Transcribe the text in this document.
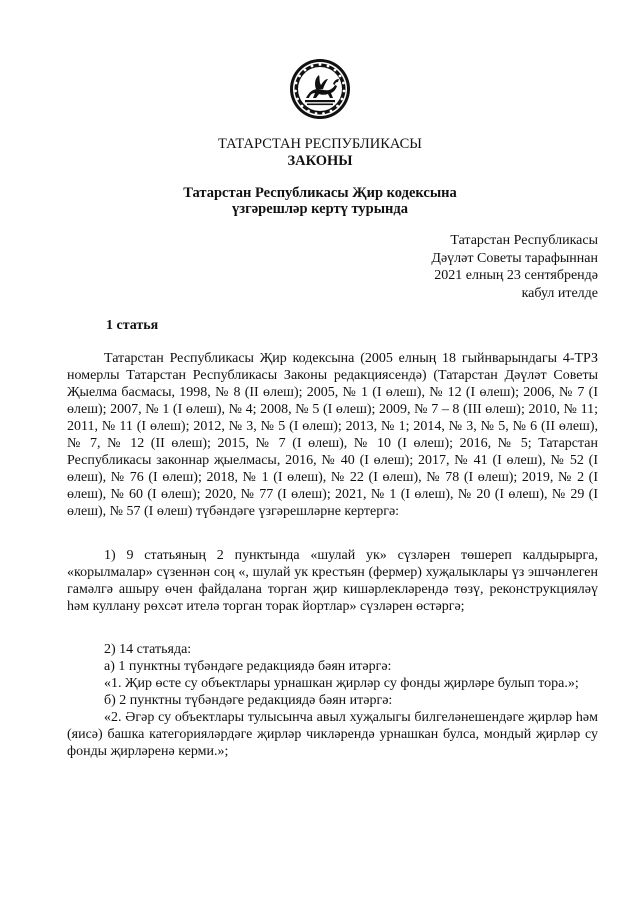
ТАТАРСТАН РЕСПУБЛИКАСЫ
ЗАКОНЫ
Татарстан Республикасы Җир кодексына
үзгәрешләр кертү турында
Татарстан Республикасы
Дәүләт Советы тарафыннан
2021 елның 23 сентябрендә
кабул ителде
1 статья
Татарстан Республикасы Җир кодексына (2005 елның 18 гыйнварындагы 4-ТРЗ номерлы Татарстан Республикасы Законы редакциясендә) (Татарстан Дәүләт Советы Җыелма басмасы, 1998, № 8 (II өлеш); 2005, № 1 (I өлеш), № 12 (I өлеш); 2006, № 7 (I өлеш); 2007, № 1 (I өлеш), № 4; 2008, № 5 (I өлеш); 2009, № 7 – 8 (III өлеш); 2010, № 11; 2011, № 11 (I өлеш); 2012, № 3, № 5 (I өлеш); 2013, № 1; 2014, № 3, № 5, № 6 (II өлеш), № 7, № 12 (II өлеш); 2015, № 7 (I өлеш), № 10 (I өлеш); 2016, № 5; Татарстан Республикасы законнар җыелмасы, 2016, № 40 (I өлеш); 2017, № 41 (I өлеш), № 52 (I өлеш), № 76 (I өлеш); 2018, № 1 (I өлеш), № 22 (I өлеш), № 78 (I өлеш); 2019, № 2 (I өлеш), № 60 (I өлеш); 2020, № 77 (I өлеш); 2021, № 1 (I өлеш), № 20 (I өлеш), № 29 (I өлеш), № 57 (I өлеш) түбәндәге үзгәрешләрне кертергә:
1) 9 статьяның 2 пунктында «шулай ук» сүзләрен төшереп калдырырга, «корылмалар» сүзеннән соң «, шулай ук крестьян (фермер) хуҗалыклары үз эшчәнлеген гамәлгә ашыру өчен файдалана торган җир кишәрлекләрендә төзү, реконструкцияләү һәм куллану рөхсәт ителә торган торак йортлар» сүзләрен өстәргә;
2) 14 статьяда:
а) 1 пунктны түбәндәге редакциядә бәян итәргә:
«1. Җир өсте су объектлары урнашкан җирләр су фонды җирләре булып тора.»;
б) 2 пунктны түбәндәге редакциядә бәян итәргә:
«2. Әгәр су объектлары тулысынча авыл хуҗалыгы билгеләнешендәге җирләр һәм (яисә) башка категорияләрдәге җирләр чикләрендә урнашкан булса, мондый җирләр су фонды җирләренә керми.»;
